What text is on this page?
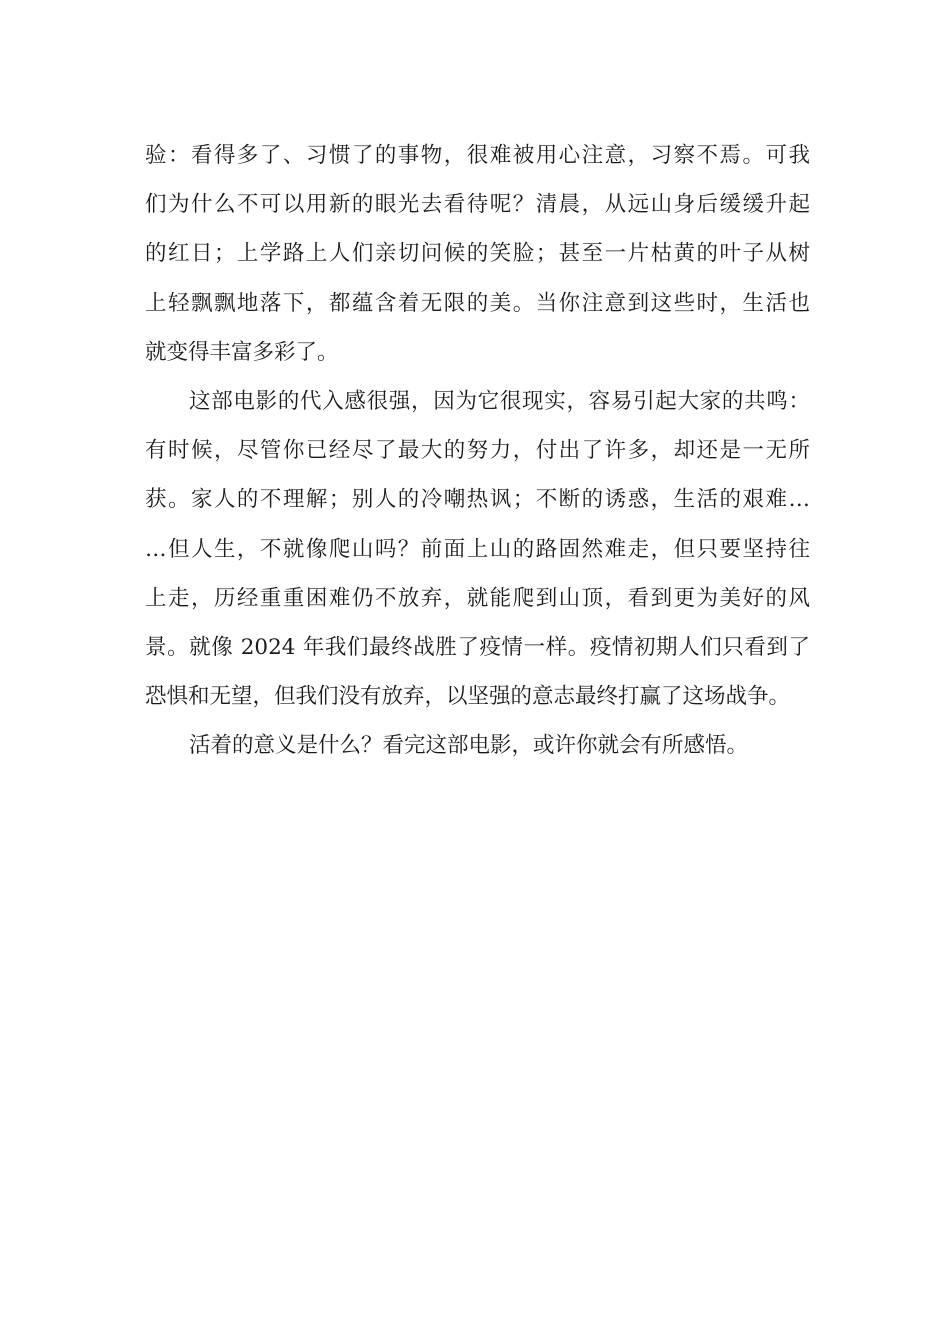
验：看得多了、习惯了的事物，很难被用心注意，习察不焉。可我
们为什么不可以用新的眼光去看待呢？清晨，从远山身后缓缓升起
的红日；上学路上人们亲切问候的笑脸；甚至一片枯黄的叶子从树
上轻飘飘地落下，都蕴含着无限的美。当你注意到这些时，生活也
就变得丰富多彩了。
这部电影的代入感很强，因为它很现实，容易引起大家的共鸣：
有时候，尽管你已经尽了最大的努力，付出了许多，却还是一无所
获。家人的不理解；别人的冷嘲热讽；不断的诱惑，生活的艰难…
…但人生，不就像爬山吗？前面上山的路固然难走，但只要坚持往
上走，历经重重困难仍不放弃，就能爬到山顶，看到更为美好的风
景。就像 2024 年我们最终战胜了疫情一样。疫情初期人们只看到了
恐惧和无望，但我们没有放弃，以坚强的意志最终打赢了这场战争。
活着的意义是什么？看完这部电影，或许你就会有所感悟。
